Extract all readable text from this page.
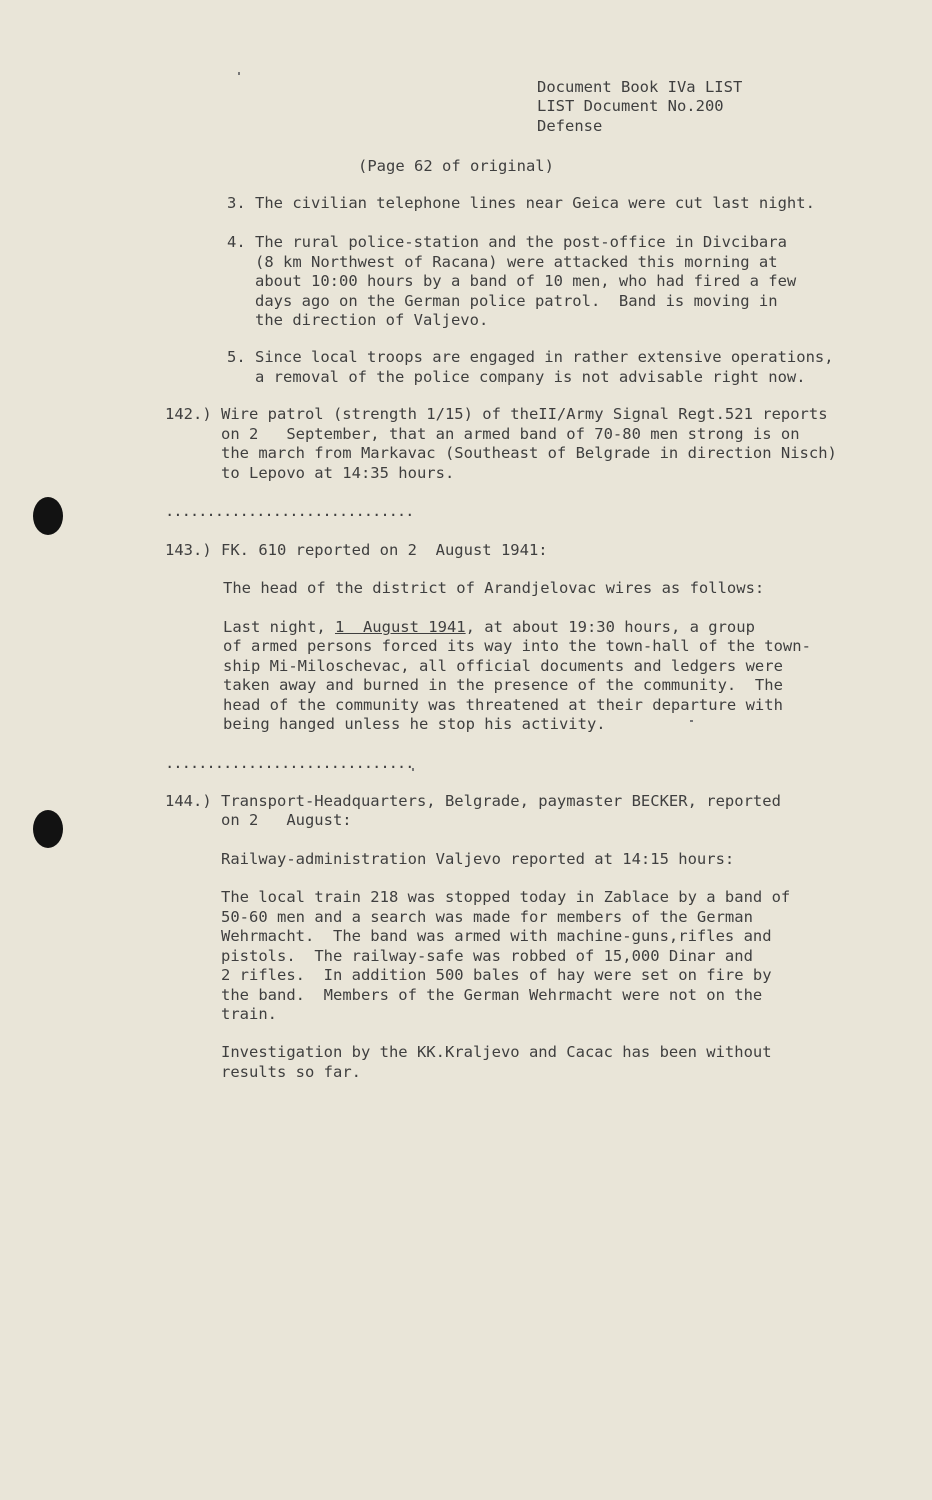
Document Book IVa LIST
LIST Document No.200
Defense
(Page 62 of original)
3. The civilian telephone lines near Geica were cut last night.
4. The rural police-station and the post-office in Divcibara
(8 km Northwest of Racana) were attacked this morning at
about 10:00 hours by a band of 10 men, who had fired a few
days ago on the German police patrol.  Band is moving in
the direction of Valjevo.
5. Since local troops are engaged in rather extensive operations,
a removal of the police company is not advisable right now.
142.) Wire patrol (strength 1/15) of theII/Army Signal Regt.521 reports
on 2   September, that an armed band of 70-80 men strong is on
the march from Markavac (Southeast of Belgrade in direction Nisch)
to Lepovo at 14:35 hours.
..............................
143.) FK. 610 reported on 2  August 1941:
The head of the district of Arandjelovac wires as follows:
Last night, 1  August 1941, at about 19:30 hours, a group
of armed persons forced its way into the town-hall of the town-
ship Mi-Miloschevac, all official documents and ledgers were
taken away and burned in the presence of the community.  The
head of the community was threatened at their departure with
being hanged unless he stop his activity.
..............................
144.) Transport-Headquarters, Belgrade, paymaster BECKER, reported
on 2   August:
Railway-administration Valjevo reported at 14:15 hours:
The local train 218 was stopped today in Zablace by a band of
50-60 men and a search was made for members of the German
Wehrmacht.  The band was armed with machine-guns,rifles and
pistols.  The railway-safe was robbed of 15,000 Dinar and
2 rifles.  In addition 500 bales of hay were set on fire by
the band.  Members of the German Wehrmacht were not on the
train.
Investigation by the KK.Kraljevo and Cacac has been without
results so far.
